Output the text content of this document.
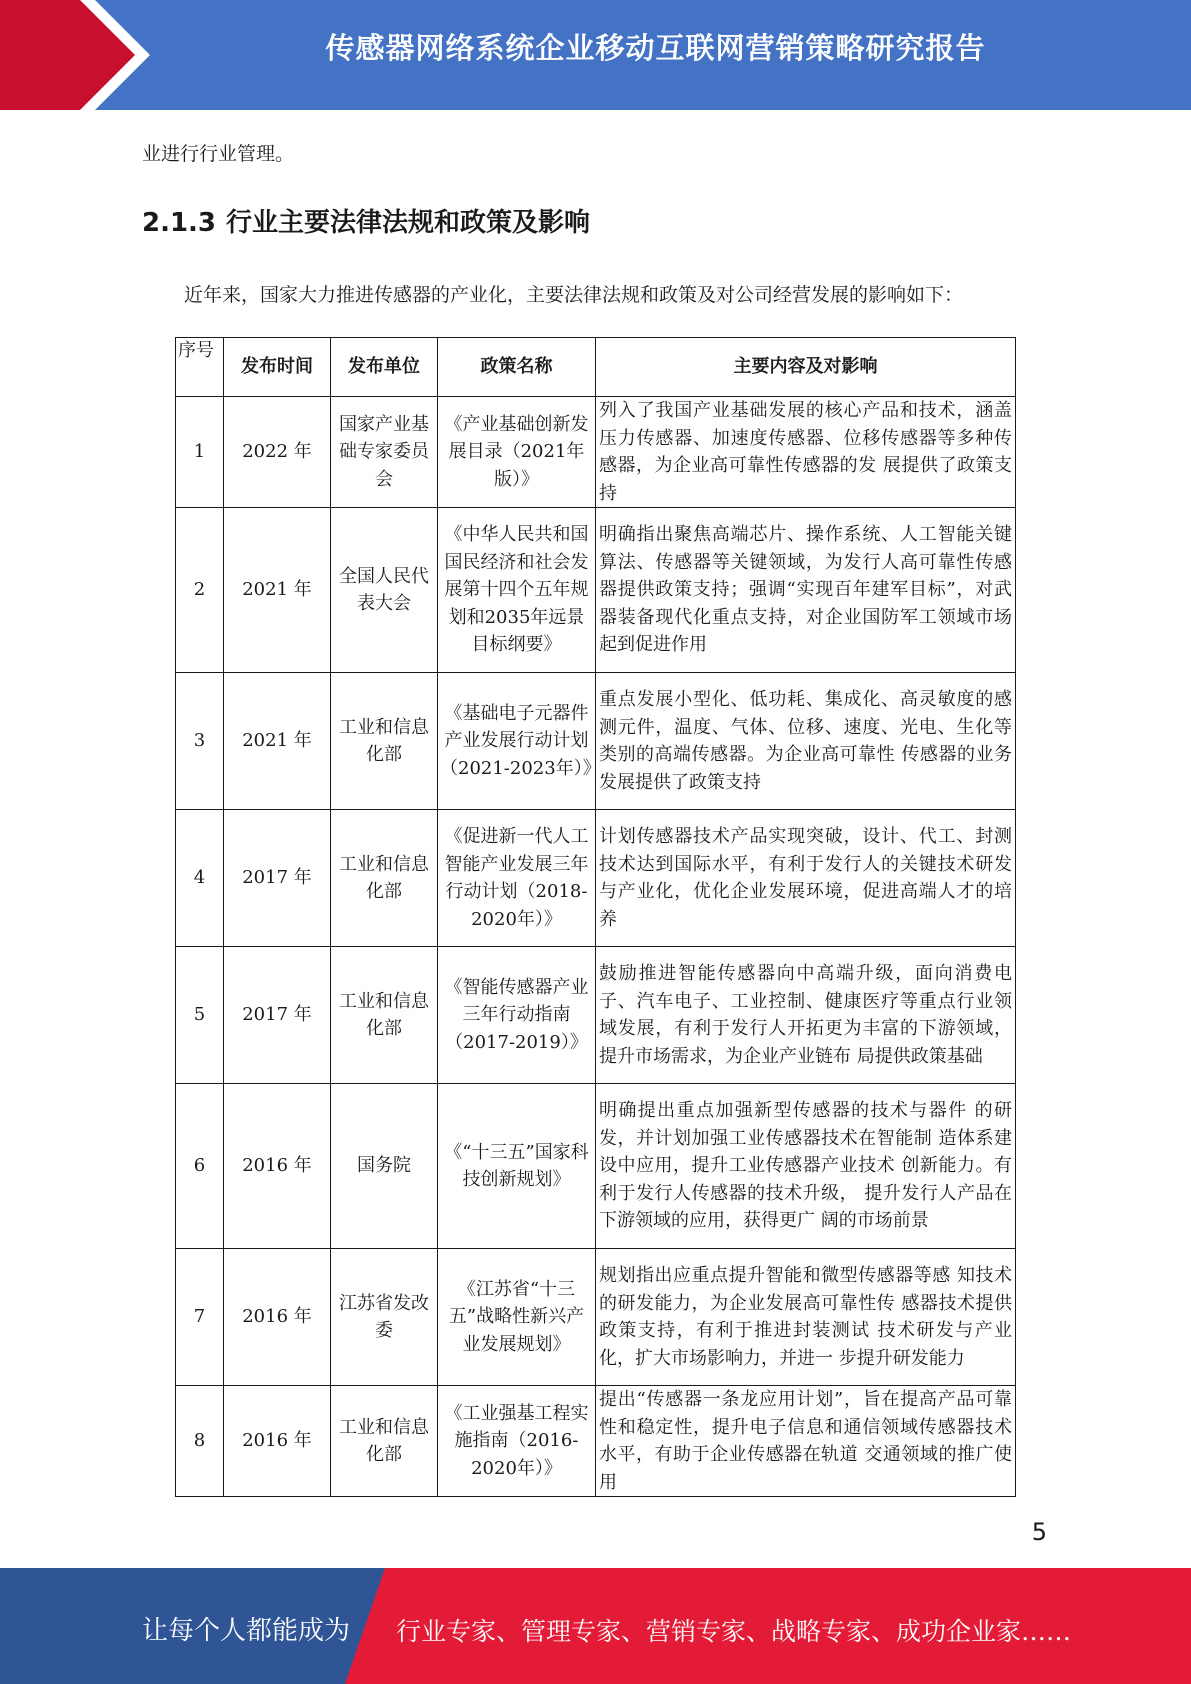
传感器网络系统企业移动互联网营销策略研究报告
业进行行业管理。
2.1.3 行业主要法律法规和政策及影响
近年来，国家大力推进传感器的产业化，主要法律法规和政策及对公司经营发展的影响如下：
序号	发布时间	发布单位	政策名称	主要内容及对影响
1	2022 年	国家产业基础专家委员会	《产业基础创新发展目录（2021年版）》	列入了我国产业基础发展的核心产品和技术，涵盖压力传感器、加速度传感器、位移传感器等多种传感器，为企业高可靠性传感器的发 展提供了政策支持
2	2021 年	全国人民代表大会	《中华人民共和国国民经济和社会发展第十四个五年规划和2035年远景目标纲要》	明确指出聚焦高端芯片、操作系统、人工智能关键算法、传感器等关键领域，为发行人高可靠性传感器提供政策支持；强调“实现百年建军目标”，对武器装备现代化重点支持，对企业国防军工领域市场起到促进作用
3	2021 年	工业和信息化部	《基础电子元器件产业发展行动计划（2021-2023年）》	重点发展小型化、低功耗、集成化、高灵敏度的感测元件，温度、气体、位移、速度、光电、生化等类别的高端传感器。为企业高可靠性 传感器的业务发展提供了政策支持
4	2017 年	工业和信息化部	《促进新一代人工智能产业发展三年行动计划（2018-2020年）》	计划传感器技术产品实现突破，设计、代工、封测技术达到国际水平，有利于发行人的关键技术研发与产业化，优化企业发展环境，促进高端人才的培养
5	2017 年	工业和信息化部	《智能传感器产业三年行动指南（2017-2019）》	鼓励推进智能传感器向中高端升级，面向消费电子、汽车电子、工业控制、健康医疗等重点行业领域发展，有利于发行人开拓更为丰富的下游领域，提升市场需求，为企业产业链布 局提供政策基础
6	2016 年	国务院	《“十三五”国家科技创新规划》	明确提出重点加强新型传感器的技术与器件 的研发，并计划加强工业传感器技术在智能制 造体系建设中应用，提升工业传感器产业技术 创新能力。有利于发行人传感器的技术升级， 提升发行人产品在下游领域的应用，获得更广 阔的市场前景
7	2016 年	江苏省发改委	《江苏省“十三五”战略性新兴产业发展规划》	规划指出应重点提升智能和微型传感器等感 知技术的研发能力，为企业发展高可靠性传 感器技术提供政策支持，有利于推进封装测试 技术研发与产业化，扩大市场影响力，并进一 步提升研发能力
8	2016 年	工业和信息化部	《工业强基工程实施指南（2016-2020年）》	提出“传感器一条龙应用计划”，旨在提高产品可靠性和稳定性，提升电子信息和通信领域传感器技术水平，有助于企业传感器在轨道 交通领域的推广使用
5
让每个人都能成为 行业专家、管理专家、营销专家、战略专家、成功企业家……
